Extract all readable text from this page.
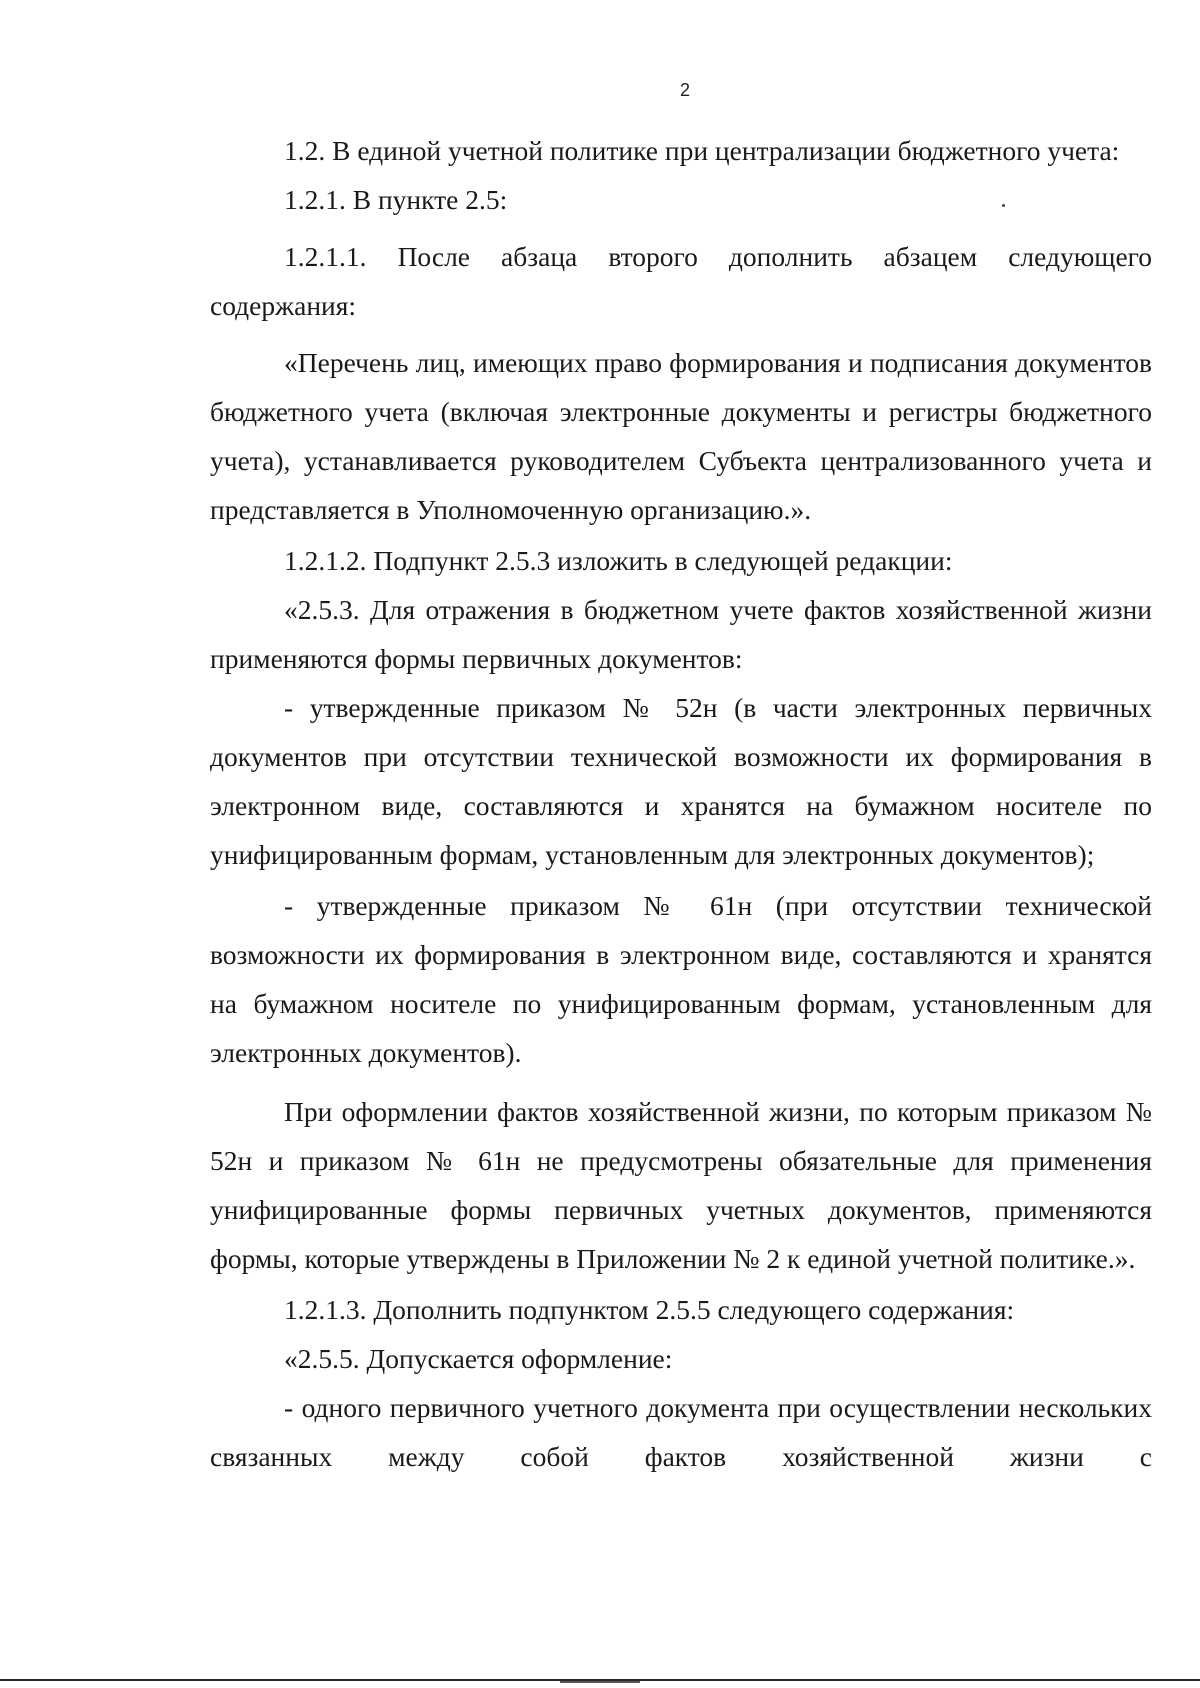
2

1.2. В единой учетной политике при централизации бюджетного учета:

1.2.1. В пункте 2.5:

1.2.1.1. После абзаца второго дополнить абзацем следующего содержания:

«Перечень лиц, имеющих право формирования и подписания документов бюджетного учета (включая электронные документы и регистры бюджетного учета), устанавливается руководителем Субъекта централизованного учета и представляется в Уполномоченную организацию.».

1.2.1.2. Подпункт 2.5.3 изложить в следующей редакции:

«2.5.3. Для отражения в бюджетном учете фактов хозяйственной жизни применяются формы первичных документов:

- утвержденные приказом № 52н (в части электронных первичных документов при отсутствии технической возможности их формирования в электронном виде, составляются и хранятся на бумажном носителе по унифицированным формам, установленным для электронных документов);

- утвержденные приказом № 61н (при отсутствии технической возможности их формирования в электронном виде, составляются и хранятся на бумажном носителе по унифицированным формам, установленным для электронных документов).

При оформлении фактов хозяйственной жизни, по которым приказом № 52н и приказом № 61н не предусмотрены обязательные для применения унифицированные формы первичных учетных документов, применяются формы, которые утверждены в Приложении № 2 к единой учетной политике.».

1.2.1.3. Дополнить подпунктом 2.5.5 следующего содержания:

«2.5.5. Допускается оформление:

- одного первичного учетного документа при осуществлении нескольких связанных между собой фактов хозяйственной жизни с
